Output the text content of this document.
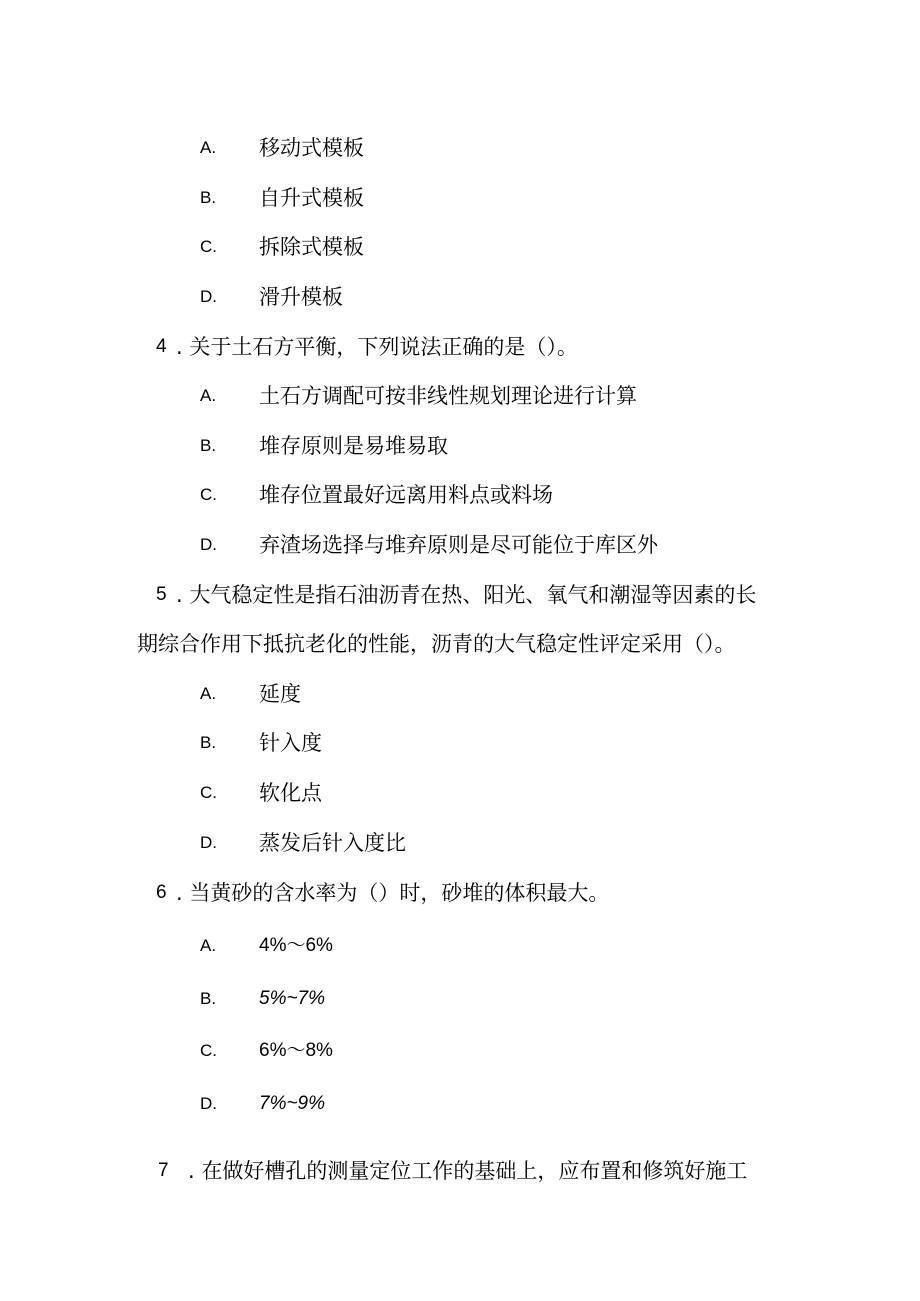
A. 移动式模板
B. 自升式模板
C. 拆除式模板
D. 滑升模板
4 . 关于土石方平衡，下列说法正确的是（）。
A. 土石方调配可按非线性规划理论进行计算
B. 堆存原则是易堆易取
C. 堆存位置最好远离用料点或料场
D. 弃渣场选择与堆弃原则是尽可能位于库区外
5 . 大气稳定性是指石油沥青在热、阳光、氧气和潮湿等因素的长
期综合作用下抵抗老化的性能，沥青的大气稳定性评定采用（）。
A. 延度
B. 针入度
C. 软化点
D. 蒸发后针入度比
6 . 当黄砂的含水率为（）时，砂堆的体积最大。
A. 4%～6%
B. 5%~7%
C. 6%～8%
D. 7%~9%
7 . 在做好槽孔的测量定位工作的基础上，应布置和修筑好施工
